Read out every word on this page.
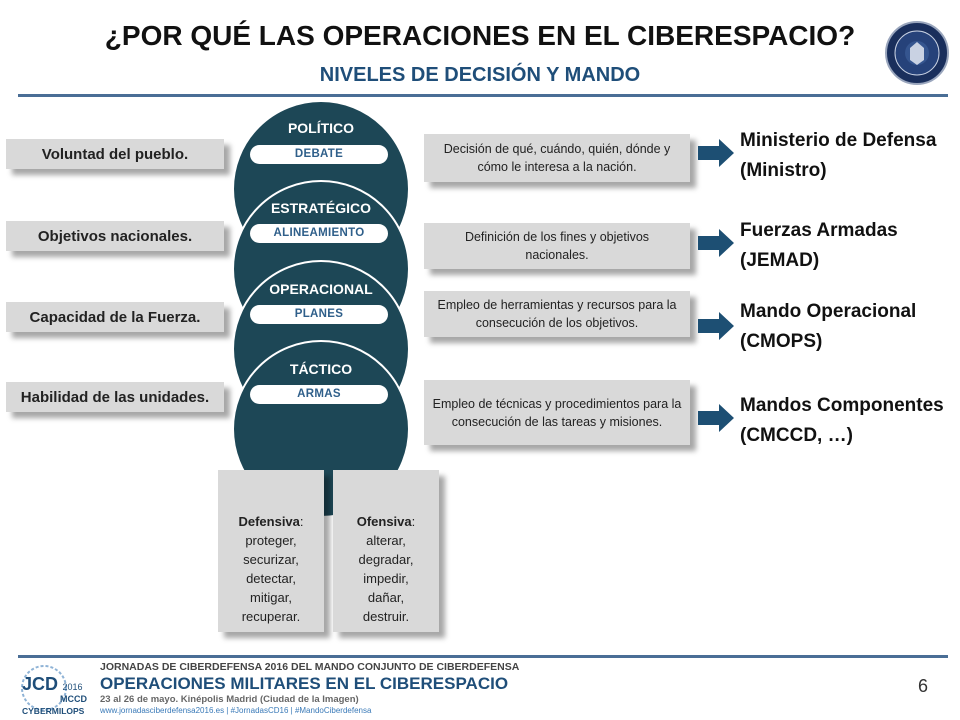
¿POR QUÉ LAS OPERACIONES EN EL CIBERESPACIO?
NIVELES DE DECISIÓN Y MANDO
Voluntad del pueblo.
Objetivos nacionales.
Capacidad de la Fuerza.
Habilidad de las unidades.
POLÍTICO
DEBATE
ESTRATÉGICO
ALINEAMIENTO
OPERACIONAL
PLANES
TÁCTICO
ARMAS
Decisión de qué, cuándo, quién, dónde y cómo le interesa a la nación.
Definición de los fines y objetivos nacionales.
Empleo de herramientas y recursos para la consecución de los objetivos.
Empleo de técnicas y procedimientos para la consecución de las tareas y misiones.
Ministerio de Defensa
(Ministro)
Fuerzas Armadas
(JEMAD)
Mando Operacional
(CMOPS)
Mandos Componentes
(CMCCD, …)
Defensiva:
proteger,
securizar,
detectar,
mitigar,
recuperar.
Ofensiva:
alterar,
degradar,
impedir,
dañar,
destruir.
JCD 2016
MCCD
CYBERMILOPS
JORNADAS DE CIBERDEFENSA 2016 DEL MANDO CONJUNTO DE CIBERDEFENSA
OPERACIONES MILITARES EN EL CIBERESPACIO
23 al 26 de mayo. Kinépolis Madrid (Ciudad de la Imagen)
www.jornadasciberdefensa2016.es | #JornadasCD16 | #MandoCiberdefensa
6
